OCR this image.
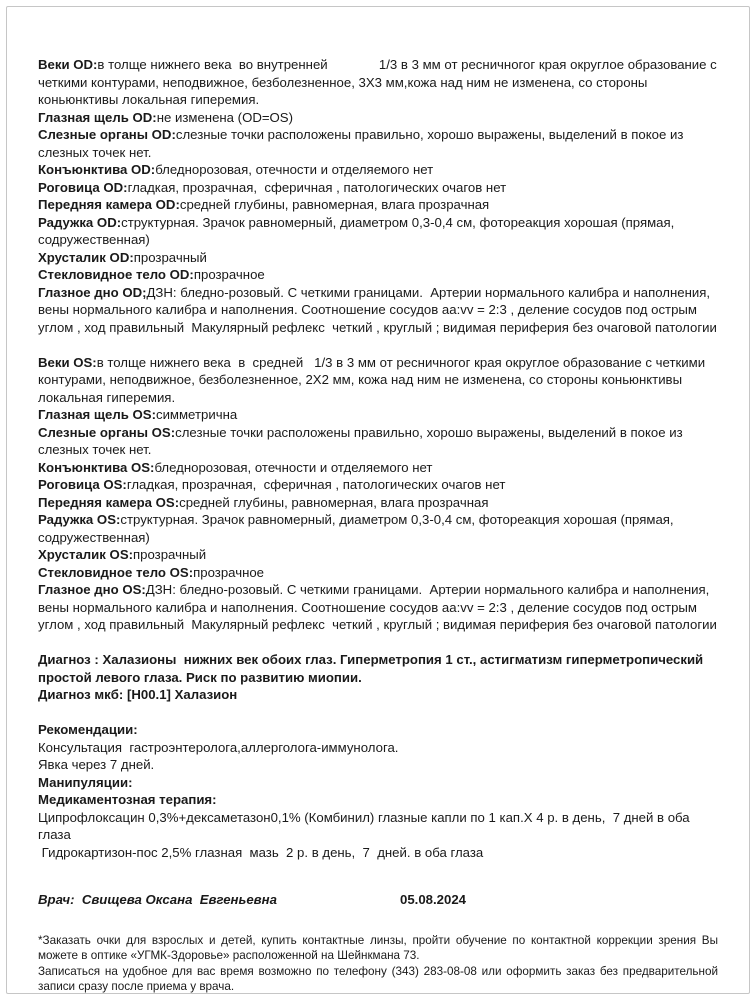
Веки OD:в толще нижнего века  во внутренней              1/3 в 3 мм от ресничногог края округлое образование с четкими контурами, неподвижное, безболезненное, 3Х3 мм,кожа над ним не изменена, со стороны коньюнктивы локальная гиперемия.

Глазная щель OD:не изменена (OD=OS)

Слезные органы OD:слезные точки расположены правильно, хорошо выражены, выделений в покое из слезных точек нет.

Конъюнктива OD:бледнорозовая, отечности и отделяемого нет

Роговица OD:гладкая, прозрачная,  сферичная , патологических очагов нет

Передняя камера OD:средней глубины, равномерная, влага прозрачная

Радужка OD:структурная. Зрачок равномерный, диаметром 0,3-0,4 см, фотореакция хорошая (прямая, содружественная)

Хрусталик OD:прозрачный

Стекловидное тело OD:прозрачное

Глазное дно OD;ДЗН: бледно-розовый. С четкими границами.  Артерии нормального калибра и наполнения, вены нормального калибра и наполнения. Соотношение сосудов aa:vv = 2:3 , деление сосудов под острым углом , ход правильный  Макулярный рефлекс  четкий , круглый ; видимая периферия без очаговой патологии

Веки OS:в толще нижнего века  в  средней   1/3 в 3 мм от ресничногог края округлое образование с четкими контурами, неподвижное, безболезненное, 2Х2 мм, кожа над ним не изменена, со стороны коньюнктивы локальная гиперемия.

Глазная щель OS:симметрична

Слезные органы OS:слезные точки расположены правильно, хорошо выражены, выделений в покое из слезных точек нет.

Конъюнктива OS:бледнорозовая, отечности и отделяемого нет

Роговица OS:гладкая, прозрачная,  сферичная , патологических очагов нет

Передняя камера OS:средней глубины, равномерная, влага прозрачная

Радужка OS:структурная. Зрачок равномерный, диаметром 0,3-0,4 см, фотореакция хорошая (прямая, содружественная)

Хрусталик OS:прозрачный

Стекловидное тело OS:прозрачное

Глазное дно OS:ДЗН: бледно-розовый. С четкими границами.  Артерии нормального калибра и наполнения, вены нормального калибра и наполнения. Соотношение сосудов aa:vv = 2:3 , деление сосудов под острым углом , ход правильный  Макулярный рефлекс  четкий , круглый ; видимая периферия без очаговой патологии

Диагноз : Халазионы  нижних век обоих глаз. Гиперметропия 1 ст., астигматизм гиперметропический простой левого глаза. Риск по развитию миопии.

Диагноз мкб: [H00.1] Халазион

Рекомендации:

Консультация  гастроэнтеролога,аллерголога-иммунолога.

Явка через 7 дней.

Манипуляции:

Медикаментозная терапия:

Ципрофлоксацин 0,3%+дексаметазон0,1% (Комбинил) глазные капли по 1 кап.Х 4 р. в день,  7 дней в оба глаза

Гидрокартизон-пос 2,5% глазная  мазь  2 р. в день,  7  дней. в оба глаза

Врач:  Свищева Оксана  Евгеньевна	05.08.2024

*Заказать очки для взрослых и детей, купить контактные линзы, пройти обучение по контактной коррекции зрения Вы можете в оптике «УГМК-Здоровье» расположенной на Шейнкмана 73.

Записаться на удобное для вас время возможно по телефону (343) 283-08-08 или оформить заказ без предварительной записи сразу после приема у врача.
